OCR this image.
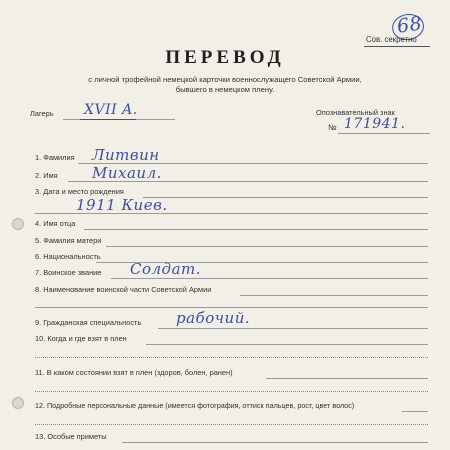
68
Сов. секретно
ПЕРЕВОД
с личной трофейной немецкой карточки военнослужащего Советской Армии,
бывшего в немецком плену.
Лагерь XVII A.	Опознавательный знак
№ 171941.
1. Фамилия Литвин
2. Имя Михаил.
3. Дата и место рождения
1911 Киев.
4. Имя отца
5. Фамилия матери
6. Национальность
7. Воинское звание Солдат.
8. Наименование воинской части Советской Армии
9. Гражданская специальность рабочий.
10. Когда и где взят в плен
11. В каком состоянии взят в плен (здоров, болен, ранен)
12. Подробные персональные данные (имеется фотография, оттиск пальцев, рост, цвет волос)
13. Особые приметы
